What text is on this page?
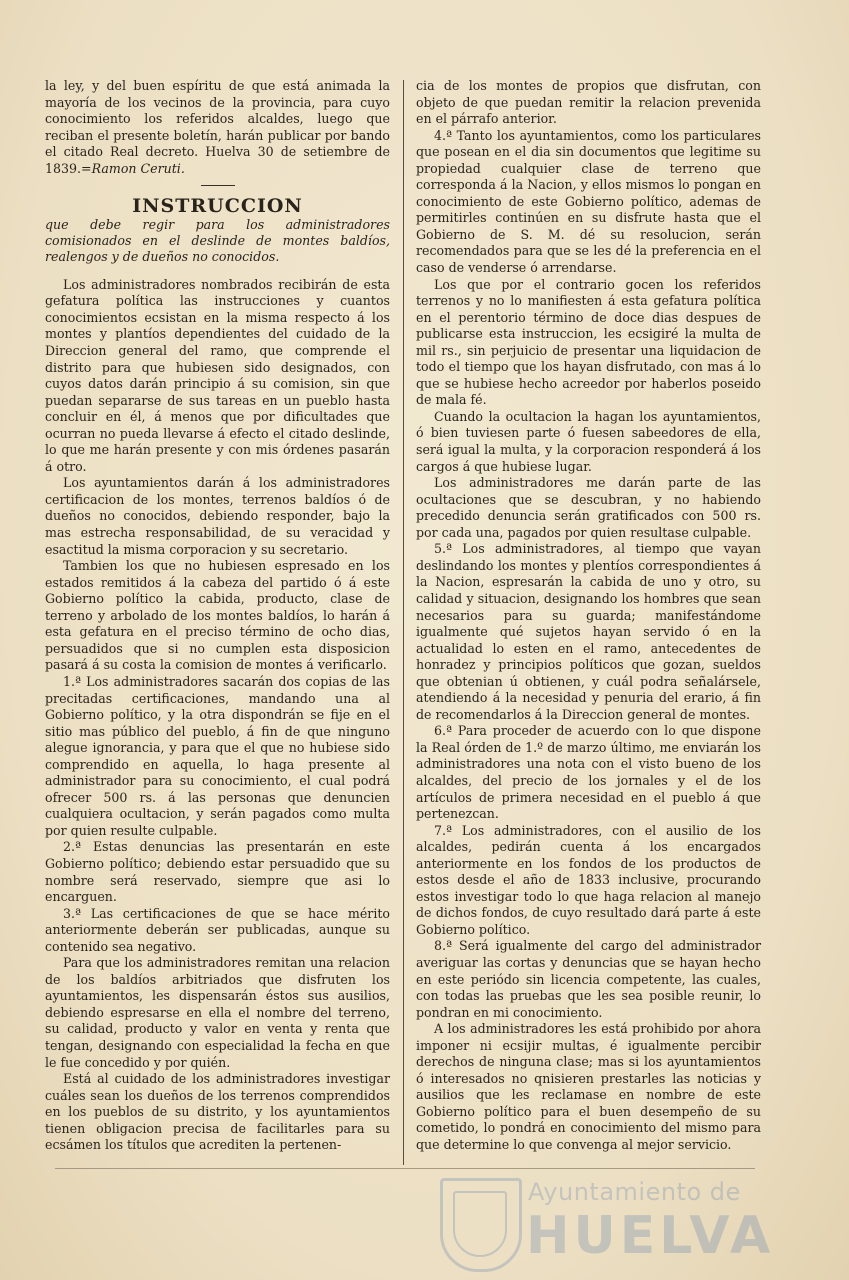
la ley, y del buen espíritu de que está animada la mayoría de los vecinos de la provincia, para cuyo conocimiento los referidos alcaldes, luego que reciban el presente boletín, harán publicar por bando el citado Real decreto. Huelva 30 de setiembre de 1839.=Ramon Ceruti.

INSTRUCCION
que debe regir para los administradores comisionados en el deslinde de montes baldíos, realengos y de dueños no conocidos.

Los administradores nombrados recibirán de esta gefatura política las instrucciones y cuantos conocimientos ecsistan en la misma respecto á los montes y plantíos dependientes del cuidado de la Direccion general del ramo, que comprende el distrito para que hubiesen sido designados, con cuyos datos darán principio á su comision, sin que puedan separarse de sus tareas en un pueblo hasta concluir en él, á menos que por dificultades que ocurran no pueda llevarse á efecto el citado deslinde, lo que me harán presente y con mis órdenes pasarán á otro.

Los ayuntamientos darán á los administradores certificacion de los montes, terrenos baldíos ó de dueños no conocidos, debiendo responder, bajo la mas estrecha responsabilidad, de su veracidad y esactitud la misma corporacion y su secretario.

Tambien los que no hubiesen espresado en los estados remitidos á la cabeza del partido ó á este Gobierno político la cabida, producto, clase de terreno y arbolado de los montes baldíos, lo harán á esta gefatura en el preciso término de ocho dias, persuadidos que si no cumplen esta disposicion pasará á su costa la comision de montes á verificarlo.

1.ª Los administradores sacarán dos copias de las precitadas certificaciones, mandando una al Gobierno político, y la otra dispondrán se fije en el sitio mas público del pueblo, á fin de que ninguno alegue ignorancia, y para que el que no hubiese sido comprendido en aquella, lo haga presente al administrador para su conocimiento, el cual podrá ofrecer 500 rs. á las personas que denuncien cualquiera ocultacion, y serán pagados como multa por quien resulte culpable.

2.ª Estas denuncias las presentarán en este Gobierno político; debiendo estar persuadido que su nombre será reservado, siempre que asi lo encarguen.

3.ª Las certificaciones de que se hace mérito anteriormente deberán ser publicadas, aunque su contenido sea negativo.

Para que los administradores remitan una relacion de los baldíos arbitriados que disfruten los ayuntamientos, les dispensarán éstos sus ausilios, debiendo espresarse en ella el nombre del terreno, su calidad, producto y valor en venta y renta que tengan, designando con especialidad la fecha en que le fue concedido y por quién.

Está al cuidado de los administradores investigar cuáles sean los dueños de los terrenos comprendidos en los pueblos de su distrito, y los ayuntamientos tienen obligacion precisa de facilitarles para su ecsámen los títulos que acrediten la pertenen-

cia de los montes de propios que disfrutan, con objeto de que puedan remitir la relacion prevenida en el párrafo anterior.

4.ª Tanto los ayuntamientos, como los particulares que posean en el dia sin documentos que legitime su propiedad cualquier clase de terreno que corresponda á la Nacion, y ellos mismos lo pongan en conocimiento de este Gobierno político, ademas de permitirles continúen en su disfrute hasta que el Gobierno de S. M. dé su resolucion, serán recomendados para que se les dé la preferencia en el caso de venderse ó arrendarse.

Los que por el contrario gocen los referidos terrenos y no lo manifiesten á esta gefatura política en el perentorio término de doce dias despues de publicarse esta instruccion, les ecsigiré la multa de mil rs., sin perjuicio de presentar una liquidacion de todo el tiempo que los hayan disfrutado, con mas á lo que se hubiese hecho acreedor por haberlos poseido de mala fé.

Cuando la ocultacion la hagan los ayuntamientos, ó bien tuviesen parte ó fuesen sabeedores de ella, será igual la multa, y la corporacion responderá á los cargos á que hubiese lugar.

Los administradores me darán parte de las ocultaciones que se descubran, y no habiendo precedido denuncia serán gratificados con 500 rs. por cada una, pagados por quien resultase culpable.

5.ª Los administradores, al tiempo que vayan deslindando los montes y plentíos correspondientes á la Nacion, espresarán la cabida de uno y otro, su calidad y situacion, designando los hombres que sean necesarios para su guarda; manifestándome igualmente qué sujetos hayan servido ó en la actualidad lo esten en el ramo, antecedentes de honradez y principios políticos que gozan, sueldos que obtenian ú obtienen, y cuál podra señalársele, atendiendo á la necesidad y penuria del erario, á fin de recomendarlos á la Direccion general de montes.

6.ª Para proceder de acuerdo con lo que dispone la Real órden de 1.º de marzo último, me enviarán los administradores una nota con el visto bueno de los alcaldes, del precio de los jornales y el de los artículos de primera necesidad en el pueblo á que pertenezcan.

7.ª Los administradores, con el ausilio de los alcaldes, pedirán cuenta á los encargados anteriormente en los fondos de los productos de estos desde el año de 1833 inclusive, procurando estos investigar todo lo que haga relacion al manejo de dichos fondos, de cuyo resultado dará parte á este Gobierno político.

8.ª Será igualmente del cargo del administrador averiguar las cortas y denuncias que se hayan hecho en este periódo sin licencia competente, las cuales, con todas las pruebas que les sea posible reunir, lo pondran en mi conocimiento.

A los administradores les está prohibido por ahora imponer ni ecsijir multas, é igualmente percibir derechos de ninguna clase; mas si los ayuntamientos ó interesados no qnisieren prestarles las noticias y ausilios que les reclamase en nombre de este Gobierno político para el buen desempeño de su cometido, lo pondrá en conocimiento del mismo para que determine lo que convenga al mejor servicio.

Ayuntamiento de
HUELVA
